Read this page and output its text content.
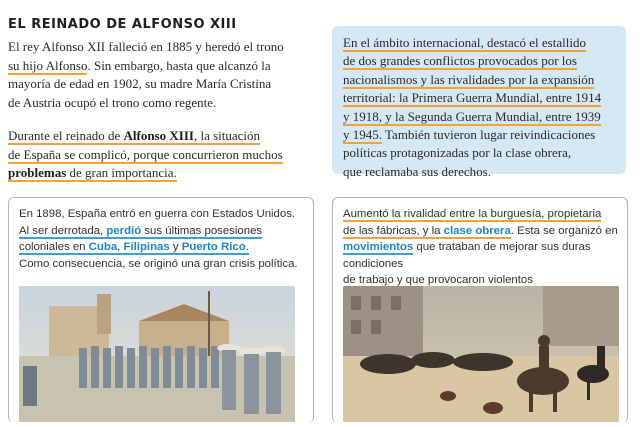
EL REINADO DE ALFONSO XIII
El rey Alfonso XII falleció en 1885 y heredó el trono
su hijo Alfonso. Sin embargo, hasta que alcanzó la
mayoría de edad en 1902, su madre María Cristina
de Austria ocupó el trono como regente.
Durante el reinado de Alfonso XIII, la situación
de España se complicó, porque concurrieron muchos
problemas de gran importancia.
En el ámbito internacional, destacó el estallido
de dos grandes conflictos provocados por los
nacionalismos y las rivalidades por la expansión
territorial: la Primera Guerra Mundial, entre 1914
y 1918, y la Segunda Guerra Mundial, entre 1939
y 1945. También tuvieron lugar reivindicaciones
políticas protagonizadas por la clase obrera,
que reclamaba sus derechos.
En 1898, España entró en guerra con Estados Unidos.
Al ser derrotada, perdió sus últimas posesiones
coloniales en Cuba, Filipinas y Puerto Rico.
Como consecuencia, se originó una gran crisis política.
Aumentó la rivalidad entre la burguesía, propietaria
de las fábricas, y la clase obrera. Esta se organizó en
movimientos que trataban de mejorar sus duras condiciones
de trabajo y que provocaron violentos
